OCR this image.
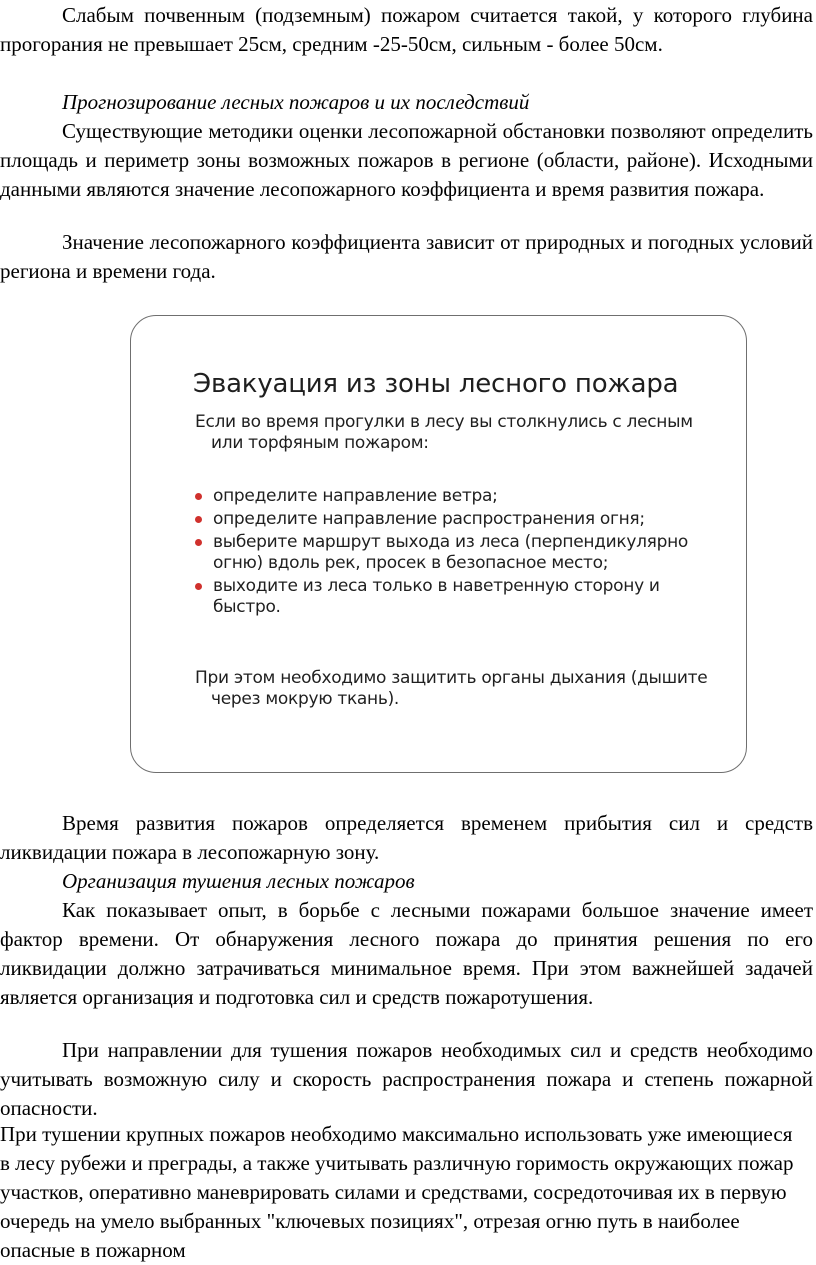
Слабым почвенным (подземным) пожаром считается такой, у которого глубина прогорания не превышает 25см, средним -25-50см, сильным - более 50см.

Прогнозирование лесных пожаров и их последствий

Существующие методики оценки лесопожарной обстановки позволяют определить площадь и периметр зоны возможных пожаров в регионе (области, районе). Исходными данными являются значение лесопожарного коэффициента и время развития пожара.

Значение лесопожарного коэффициента зависит от природных и погодных условий региона и времени года.

Эвакуация из зоны лесного пожара

Если во время прогулки в лесу вы столкнулись с лесным или торфяным пожаром:

определите направление ветра;
определите направление распространения огня;
выберите маршрут выхода из леса (перпендикулярно огню) вдоль рек, просек в безопасное место;
выходите из леса только в наветренную сторону и быстро.

При этом необходимо защитить органы дыхания (дышите через мокрую ткань).

Время развития пожаров определяется временем прибытия сил и средств ликвидации пожара в лесопожарную зону.

Организация тушения лесных пожаров

Как показывает опыт, в борьбе с лесными пожарами большое значение имеет фактор времени. От обнаружения лесного пожара до принятия решения по его ликвидации должно затрачиваться минимальное время. При этом важнейшей задачей является организация и подготовка сил и средств пожаротушения.

При направлении для тушения пожаров необходимых сил и средств необходимо учитывать возможную силу и скорость распространения пожара и степень пожарной опасности.

При тушении крупных пожаров необходимо максимально использовать уже имеющиеся в лесу рубежи и преграды, а также учитывать различную горимость окружающих пожар участков, оперативно маневрировать силами и средствами, сосредоточивая их в первую очередь на умело выбранных "ключевых позициях", отрезая огню путь в наиболее опасные в пожарном
